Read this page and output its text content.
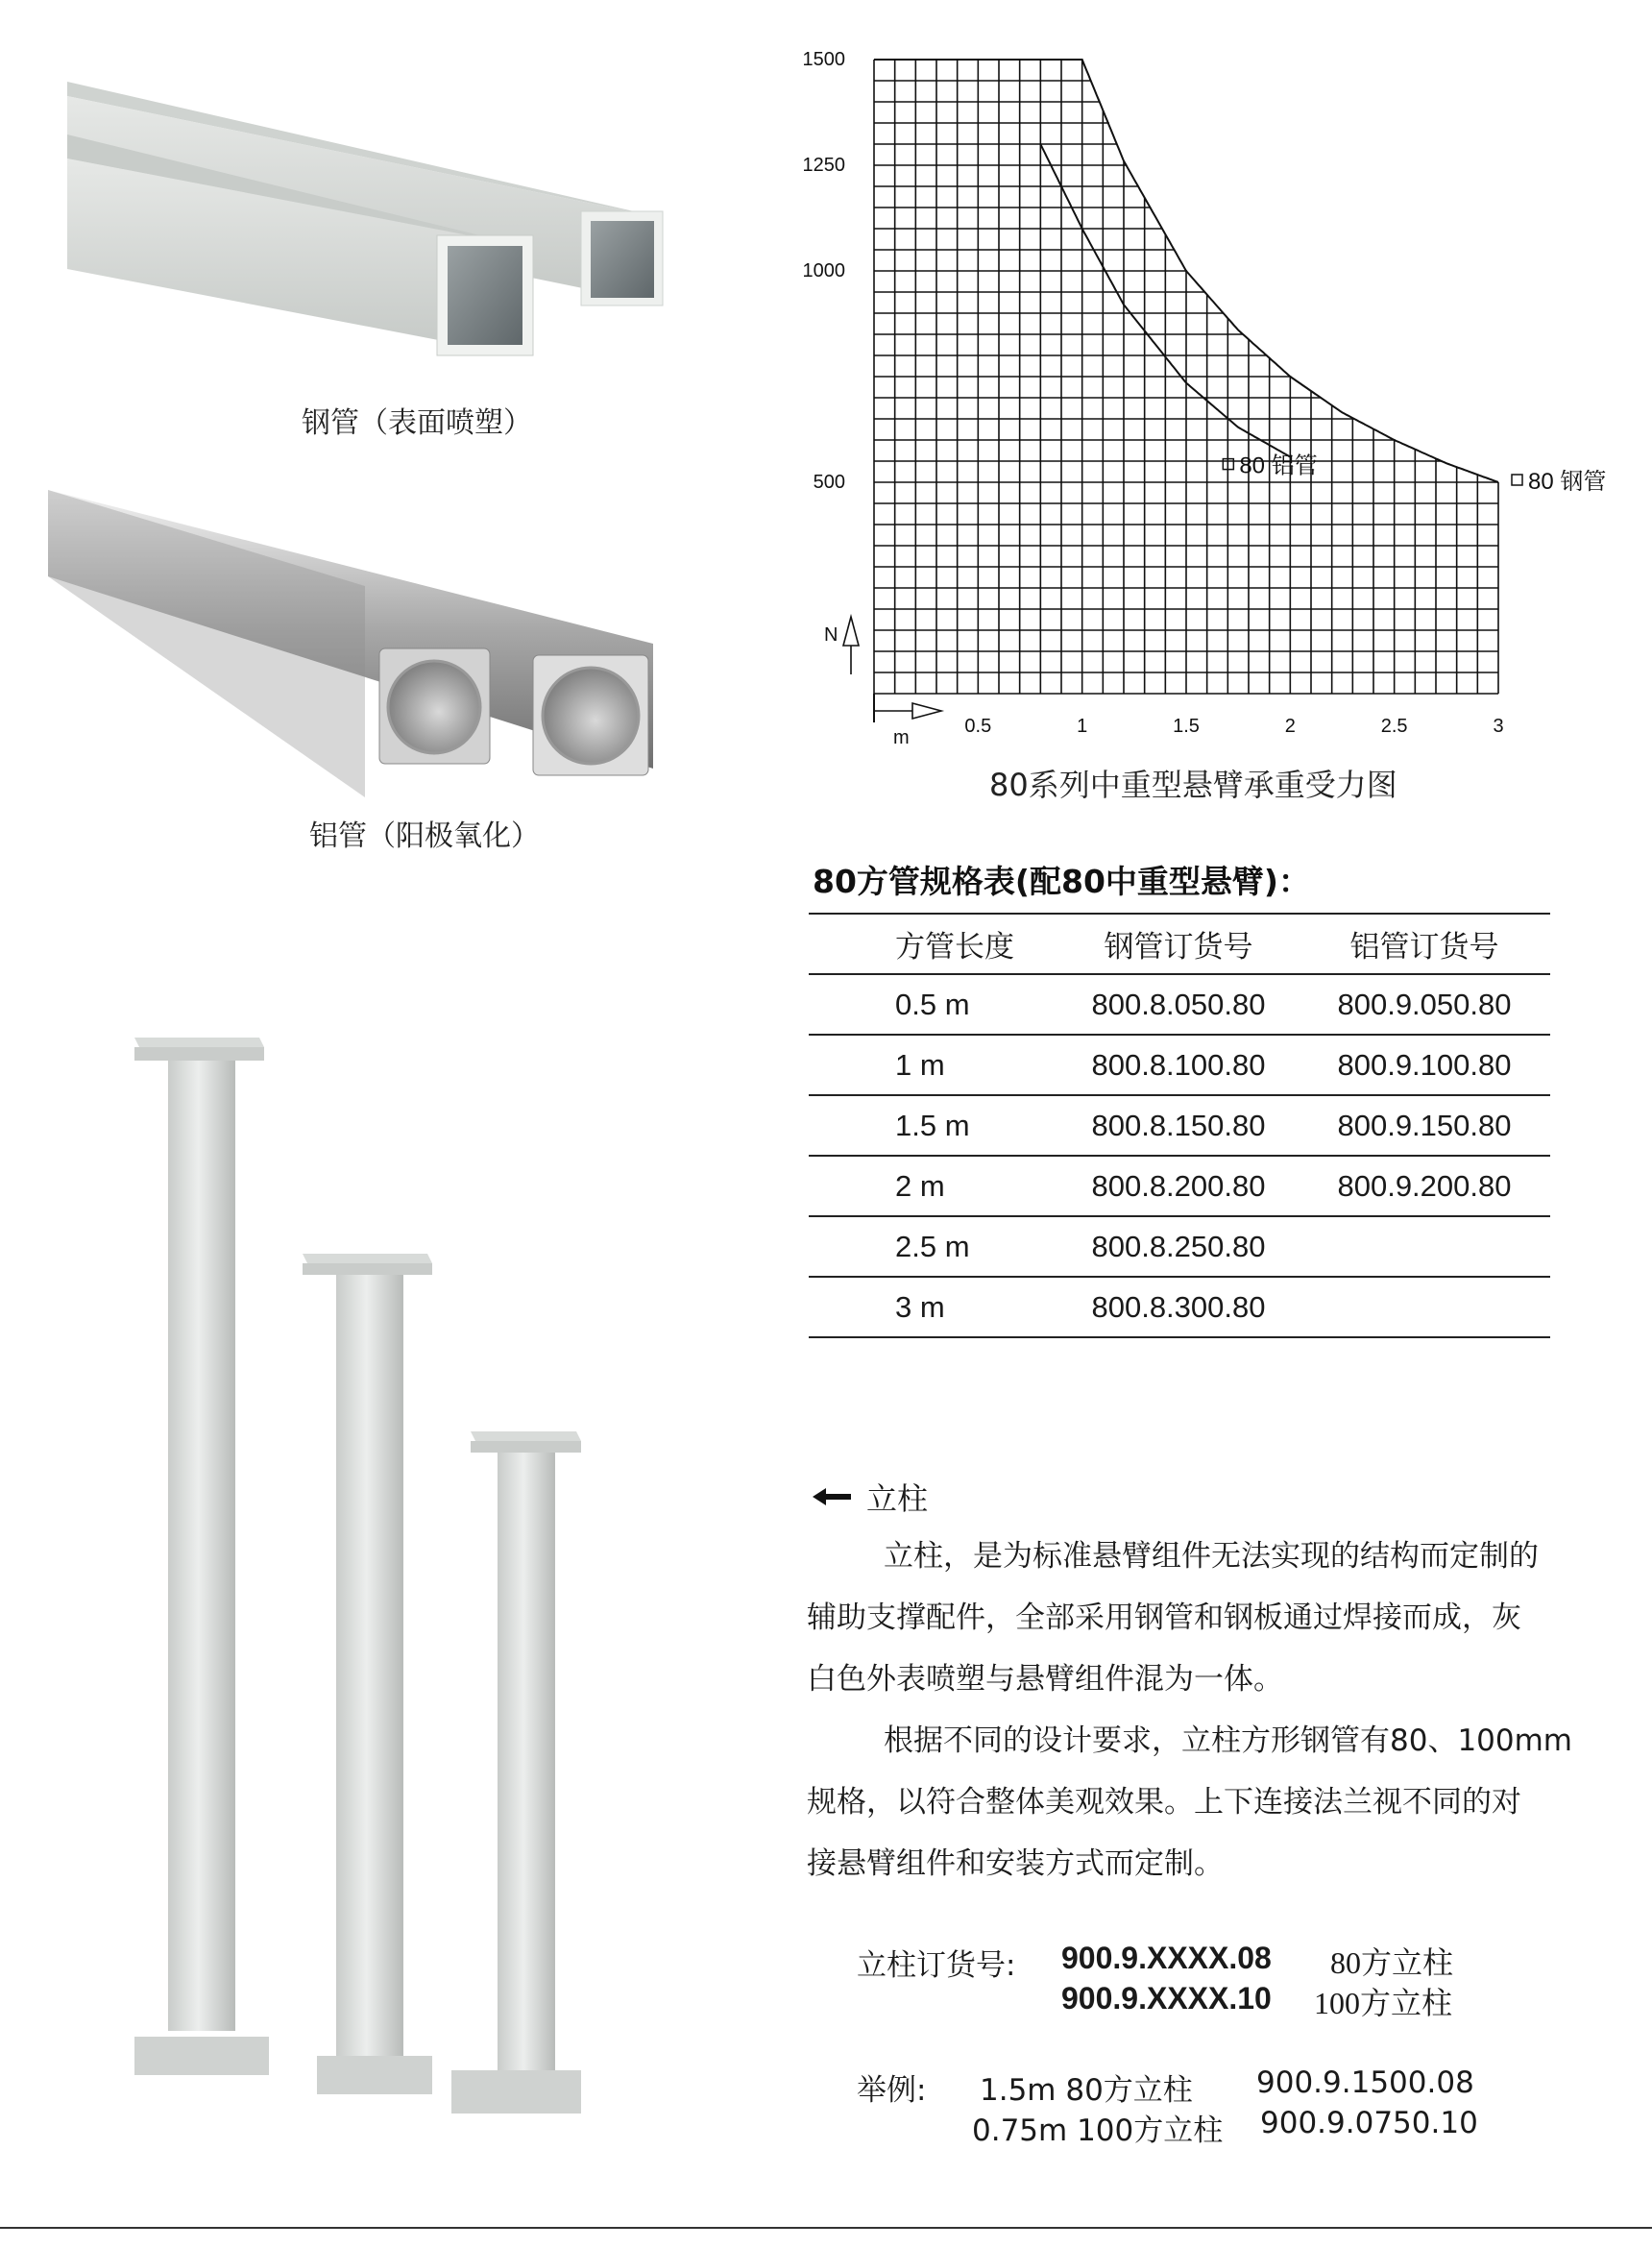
钢管（表面喷塑）
铝管（阳极氧化）
80 钢管
80 铝管
500
1000
1250
1500
0.5	1	1.5	2	2.5	3
N
m
80系列中重型悬臂承重受力图
80方管规格表(配80中重型悬臂)：
方管长度	钢管订货号	铝管订货号
0.5 m	800.8.050.80	800.9.050.80
1 m	800.8.100.80	800.9.100.80
1.5 m	800.8.150.80	800.9.150.80
2 m	800.8.200.80	800.9.200.80
2.5 m	800.8.250.80	
3 m	800.8.300.80	
立柱

立柱，是为标准悬臂组件无法实现的结构而定制的

辅助支撑配件，全部采用钢管和钢板通过焊接而成，灰

白色外表喷塑与悬臂组件混为一体。

根据不同的设计要求，立柱方形钢管有80、100mm

规格，以符合整体美观效果。上下连接法兰视不同的对

接悬臂组件和安装方式而定制。

立柱订货号: 900.9.XXXX.08 80方立柱
900.9.XXXX.10 100方立柱
举例: 1.5m 80方立柱 900.9.1500.08
0.75m 100方立柱 900.9.0750.10
